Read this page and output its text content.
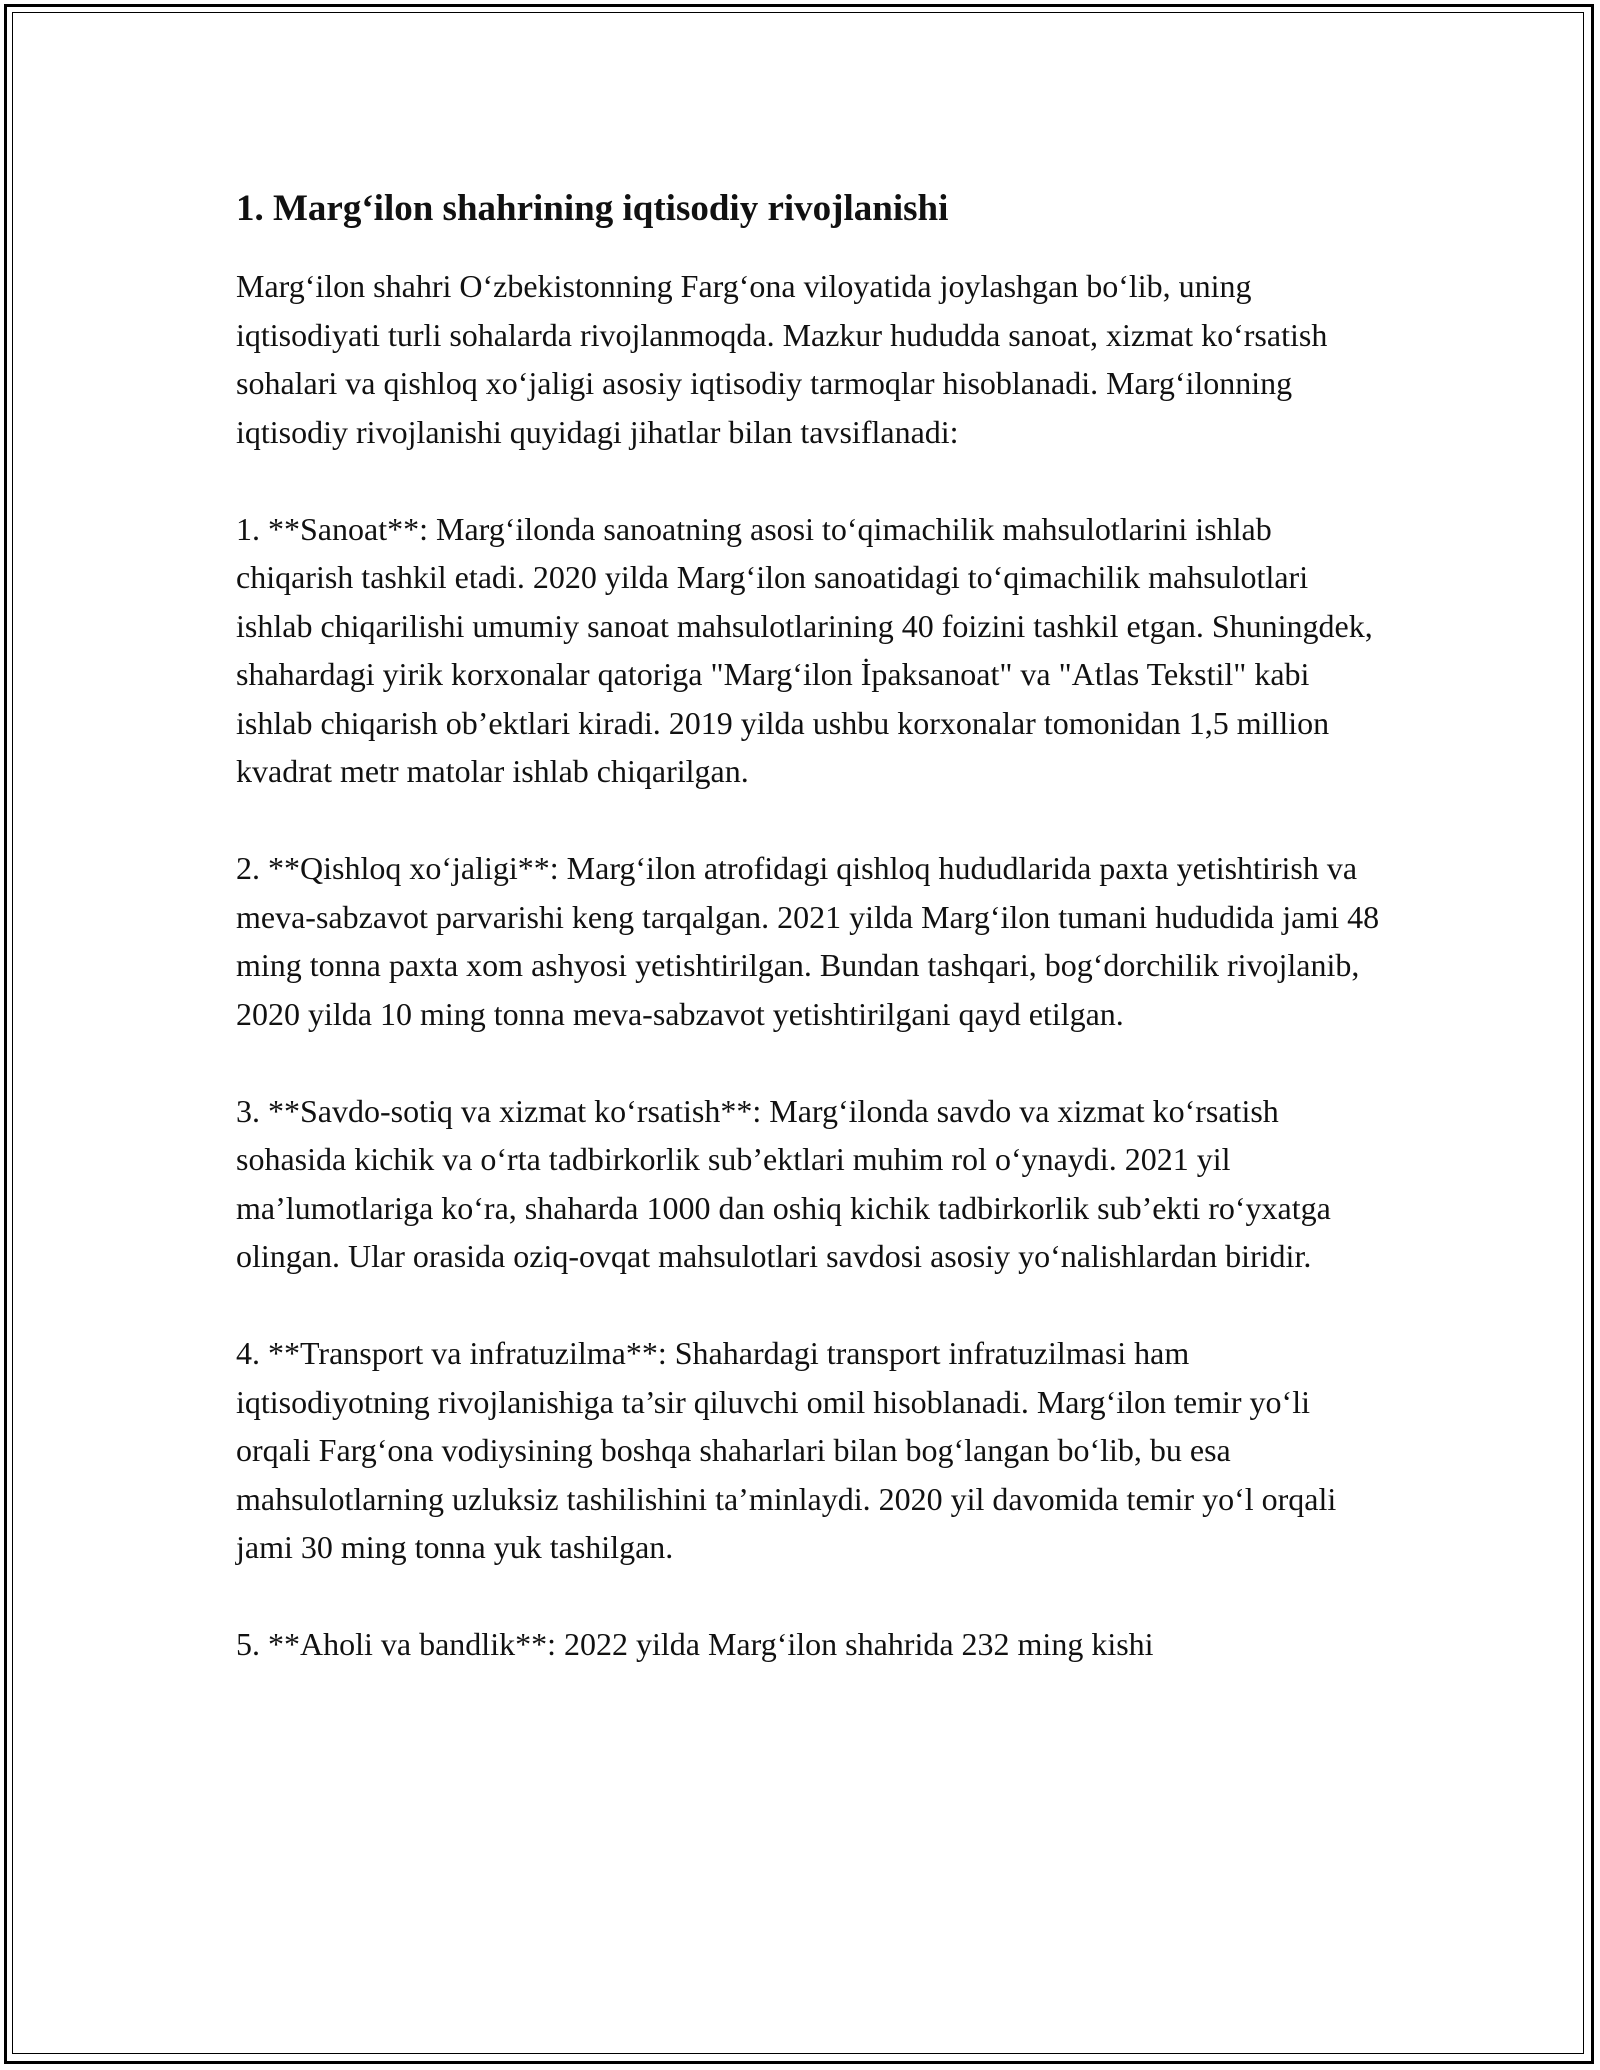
1. Marg‘ilon shahrining iqtisodiy rivojlanishi

Marg‘ilon shahri O‘zbekistonning Farg‘ona viloyatida joylashgan bo‘lib, uning iqtisodiyati turli sohalarda rivojlanmoqda. Mazkur hududda sanoat, xizmat ko‘rsatish sohalari va qishloq xo‘jaligi asosiy iqtisodiy tarmoqlar hisoblanadi. Marg‘ilonning iqtisodiy rivojlanishi quyidagi jihatlar bilan tavsiflanadi:

1. **Sanoat**: Marg‘ilonda sanoatning asosi to‘qimachilik mahsulotlarini ishlab chiqarish tashkil etadi. 2020 yilda Marg‘ilon sanoatidagi to‘qimachilik mahsulotlari ishlab chiqarilishi umumiy sanoat mahsulotlarining 40 foizini tashkil etgan. Shuningdek, shahardagi yirik korxonalar qatoriga "Marg‘ilon İpaksanoat" va "Atlas Tekstil" kabi ishlab chiqarish ob’ektlari kiradi. 2019 yilda ushbu korxonalar tomonidan 1,5 million kvadrat metr matolar ishlab chiqarilgan.

2. **Qishloq xo‘jaligi**: Marg‘ilon atrofidagi qishloq hududlarida paxta yetishtirish va meva-sabzavot parvarishi keng tarqalgan. 2021 yilda Marg‘ilon tumani hududida jami 48 ming tonna paxta xom ashyosi yetishtirilgan. Bundan tashqari, bog‘dorchilik rivojlanib, 2020 yilda 10 ming tonna meva-sabzavot yetishtirilgani qayd etilgan.

3. **Savdo-sotiq va xizmat ko‘rsatish**: Marg‘ilonda savdo va xizmat ko‘rsatish sohasida kichik va o‘rta tadbirkorlik sub’ektlari muhim rol o‘ynaydi. 2021 yil ma’lumotlariga ko‘ra, shaharda 1000 dan oshiq kichik tadbirkorlik sub’ekti ro‘yxatga olingan. Ular orasida oziq-ovqat mahsulotlari savdosi asosiy yo‘nalishlardan biridir.

4. **Transport va infratuzilma**: Shahardagi transport infratuzilmasi ham iqtisodiyotning rivojlanishiga ta’sir qiluvchi omil hisoblanadi. Marg‘ilon temir yo‘li orqali Farg‘ona vodiysining boshqa shaharlari bilan bog‘langan bo‘lib, bu esa mahsulotlarning uzluksiz tashilishini ta’minlaydi. 2020 yil davomida temir yo‘l orqali jami 30 ming tonna yuk tashilgan.

5. **Aholi va bandlik**: 2022 yilda Marg‘ilon shahrida 232 ming kishi
